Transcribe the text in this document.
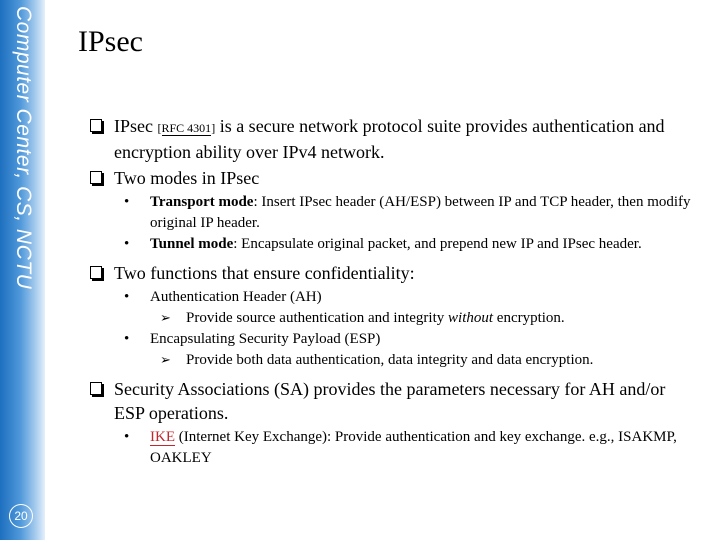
Computer Center, CS, NCTU
20
IPsec
IPsec [RFC 4301] is a secure network protocol suite provides authentication and encryption ability over IPv4 network.
Two modes in IPsec
• Transport mode: Insert IPsec header (AH/ESP) between IP and TCP header, then modify original IP header.
• Tunnel mode: Encapsulate original packet, and prepend new IP and IPsec header.
Two functions that ensure confidentiality:
• Authentication Header (AH)
➢ Provide source authentication and integrity without encryption.
• Encapsulating Security Payload (ESP)
➢ Provide both data authentication, data integrity and data encryption.
Security Associations (SA) provides the parameters necessary for AH and/or ESP operations.
• IKE (Internet Key Exchange): Provide authentication and key exchange. e.g., ISAKMP, OAKLEY
